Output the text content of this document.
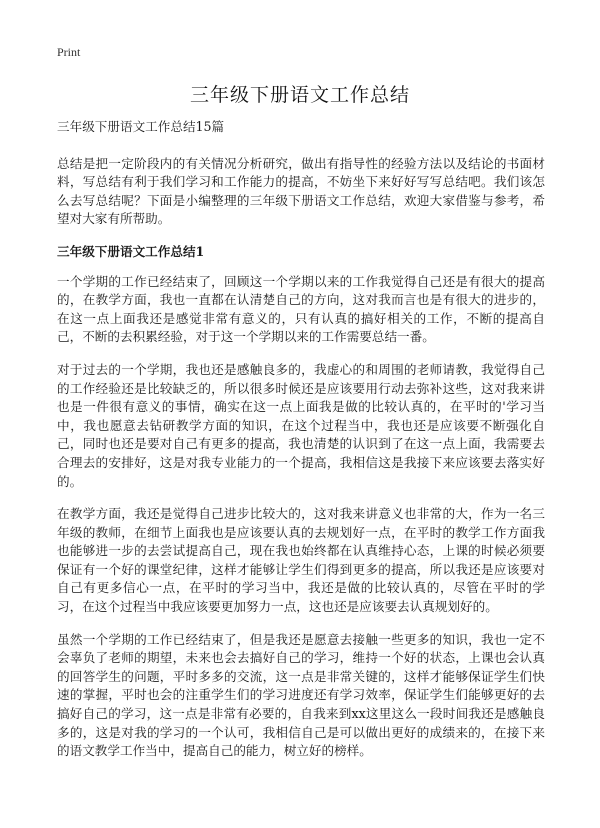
Print
三年级下册语文工作总结

三年级下册语文工作总结15篇

总结是把一定阶段内的有关情况分析研究，做出有指导性的经验方法以及结论的书面材料，写总结有利于我们学习和工作能力的提高，不妨坐下来好好写写总结吧。我们该怎么去写总结呢？下面是小编整理的三年级下册语文工作总结，欢迎大家借鉴与参考，希望对大家有所帮助。

三年级下册语文工作总结1

一个学期的工作已经结束了，回顾这一个学期以来的工作我觉得自己还是有很大的提高的，在教学方面，我也一直都在认清楚自己的方向，这对我而言也是有很大的进步的，在这一点上面我还是感觉非常有意义的，只有认真的搞好相关的工作，不断的提高自己，不断的去积累经验，对于这一个学期以来的工作需要总结一番。

对于过去的一个学期，我也还是感触良多的，我虚心的和周围的老师请教，我觉得自己的工作经验还是比较缺乏的，所以很多时候还是应该要用行动去弥补这些，这对我来讲也是一件很有意义的事情，确实在这一点上面我是做的比较认真的，在平时的'学习当中，我也愿意去钻研教学方面的知识，在这个过程当中，我也还是应该要不断强化自己，同时也还是要对自己有更多的提高，我也清楚的认识到了在这一点上面，我需要去合理去的安排好，这是对我专业能力的一个提高，我相信这是我接下来应该要去落实好的。

在教学方面，我还是觉得自己进步比较大的，这对我来讲意义也非常的大，作为一名三年级的教师，在细节上面我也是应该要认真的去规划好一点，在平时的教学工作方面我也能够进一步的去尝试提高自己，现在我也始终都在认真维持心态，上课的时候必须要保证有一个好的课堂纪律，这样才能够让学生们得到更多的提高，所以我还是应该要对自己有更多信心一点，在平时的学习当中，我还是做的比较认真的，尽管在平时的学习，在这个过程当中我应该要更加努力一点，这也还是应该要去认真规划好的。

虽然一个学期的工作已经结束了，但是我还是愿意去接触一些更多的知识，我也一定不会辜负了老师的期望，未来也会去搞好自己的学习，维持一个好的状态，上课也会认真的回答学生的问题，平时多多的交流，这一点是非常关键的，这样才能够保证学生们快速的掌握，平时也会的注重学生们的学习进度还有学习效率，保证学生们能够更好的去搞好自己的学习，这一点是非常有必要的，自我来到xx这里这么一段时间我还是感触良多的，这是对我的学习的一个认可，我相信自己是可以做出更好的成绩来的，在接下来的语文教学工作当中，提高自己的能力，树立好的榜样。
